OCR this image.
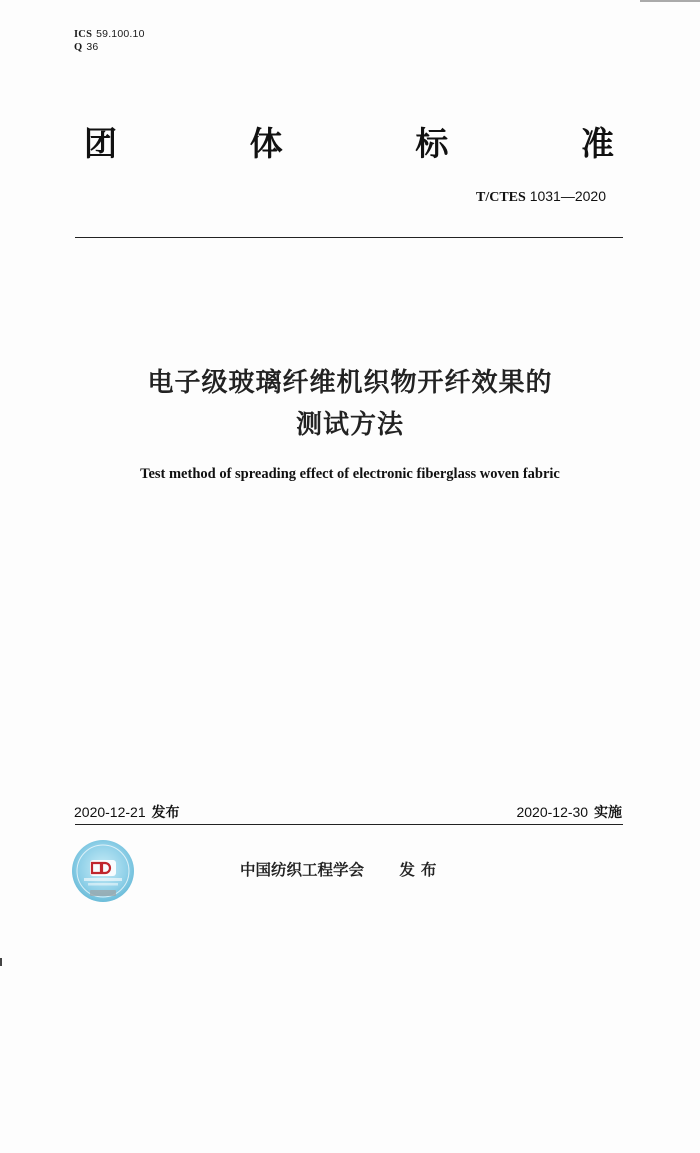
ICS 59.100.10
Q 36
团	体	标	准
T/CTES 1031—2020
电子级玻璃纤维机织物开纤效果的
测试方法
Test method of spreading effect of electronic fiberglass woven fabric
2020-12-21 发布	2020-12-30 实施
中国纺织工程学会 发布
